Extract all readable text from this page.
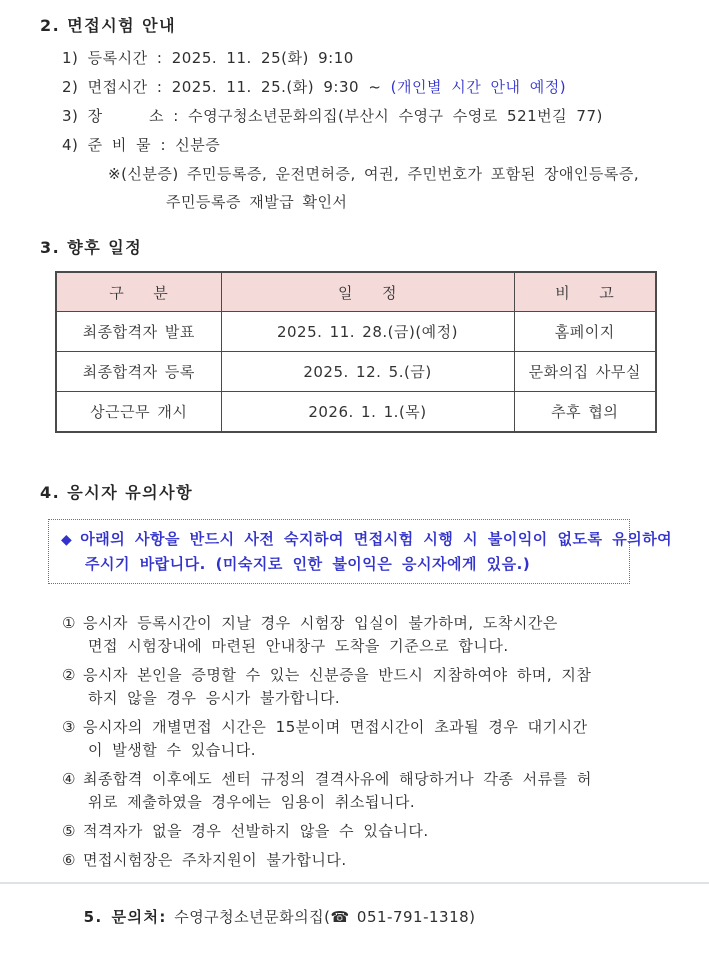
2. 면접시험 안내
1) 등록시간 : 2025. 11. 25(화) 9:10
2) 면접시간 : 2025. 11. 25.(화) 9:30 ~ (개인별 시간 안내 예정)
3) 장     소 : 수영구청소년문화의집(부산시 수영구 수영로 521번길 77)
4) 준 비 물 : 신분증
※(신분증) 주민등록증, 운전면허증, 여권, 주민번호가 포함된 장애인등록증,
주민등록증 재발급 확인서
3. 향후 일정
구    분	일    정	비    고
최종합격자 발표	2025. 11. 28.(금)(예정)	홈페이지
최종합격자 등록	2025. 12. 5.(금)	문화의집 사무실
상근근무 개시	2026. 1. 1.(목)	추후 협의
4. 응시자 유의사항
◆ 아래의 사항을 반드시 사전 숙지하여 면접시험 시행 시 불이익이 없도록 유의하여
주시기 바랍니다. (미숙지로 인한 불이익은 응시자에게 있음.)
① 응시자 등록시간이 지날 경우 시험장 입실이 불가하며, 도착시간은
면접 시험장내에 마련된 안내창구 도착을 기준으로 합니다.
② 응시자 본인을 증명할 수 있는 신분증을 반드시 지참하여야 하며, 지참
하지 않을 경우 응시가 불가합니다.
③ 응시자의 개별면접 시간은 15분이며 면접시간이 초과될 경우 대기시간
이 발생할 수 있습니다.
④ 최종합격 이후에도 센터 규정의 결격사유에 해당하거나 각종 서류를 허
위로 제출하였을 경우에는 임용이 취소됩니다.
⑤ 적격자가 없을 경우 선발하지 않을 수 있습니다.
⑥ 면접시험장은 주차지원이 불가합니다.

5. 문의처: 수영구청소년문화의집(☎ 051-791-1318)
